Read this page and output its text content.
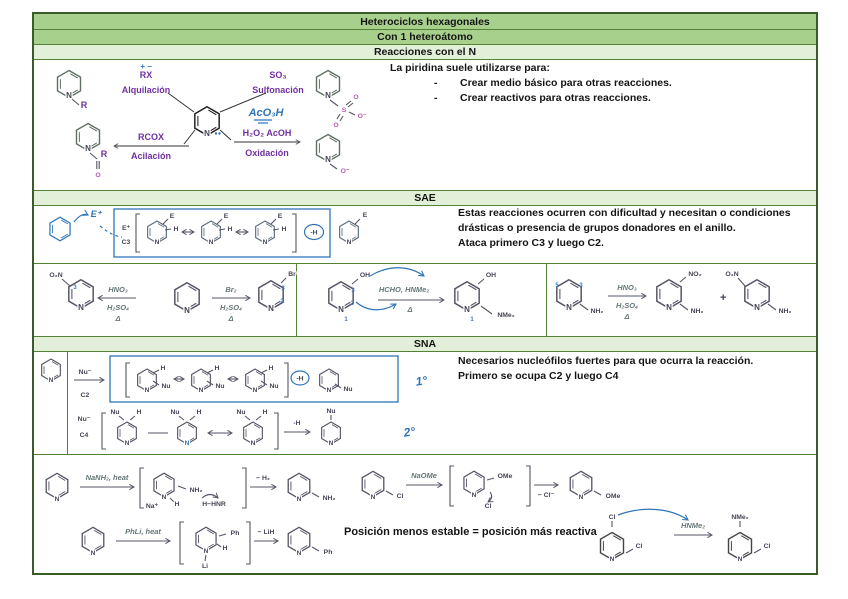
Heterociclos hexagonales
Con 1 heteroátomo
Reacciones con el N
N
R
+ −
RX
Alquilación
SO₃
Sulfonación
N
N
S
O
O
O⁻
RCOX
Acilación
N
R
O
AcO₃H
H₂O₂ AcOH
Oxidación
N
O⁻
La piridina suele utilizarse para:
-	Crear medio básico para otras reacciones.
-	Crear reactivos para otras reacciones.
SAE
E⁺
E⁺
C3	N
E
H
N
E
H
N
E
H	-H
N
E	Estas reacciones ocurren con dificultad y necesitan o condiciones drásticas o presencia de grupos donadores en el anillo.
Ataca primero C3 y luego C2.
O₂N
N
3	HNO₃
H₂SO₄
Δ
N
Br₂
H₂SO₄
Δ
N
Br
3
2
N
OH
3
2
1
HCHO, HNMe₂
Δ	N
OH
NMe₂
1
N	NH₂
3
5	HNO₃
H₂SO₄
Δ
N
NO₂
NH₂
+
O₂N
N	NH₂
SNA
N
Nu⁻
C2
N
H
Nu
N
H
Nu
N
H
Nu
-H
N Nu
1°
Nu⁻
C4
N
Nu	H
N
Nu	H
N
Nu	H
-H
N
Nu
2°
Necesarios nucleófilos fuertes para que ocurra la reacción.
Primero se ocupa C2 y luego C4
N
NaNH₂, heat
N
Na⁺
NH₂
H	H−HNR
− H₂
N	NH₂	N	Cl
NaOMe
N
OMe
Cl
− Cl⁻	N	OMe
N
PhLi, heat
N
Ph
H
Li
− LiH
N	Ph
Posición menos estable = posición más reactiva
N
Cl
Cl
HNMe₂
N
NMe₂
Cl
